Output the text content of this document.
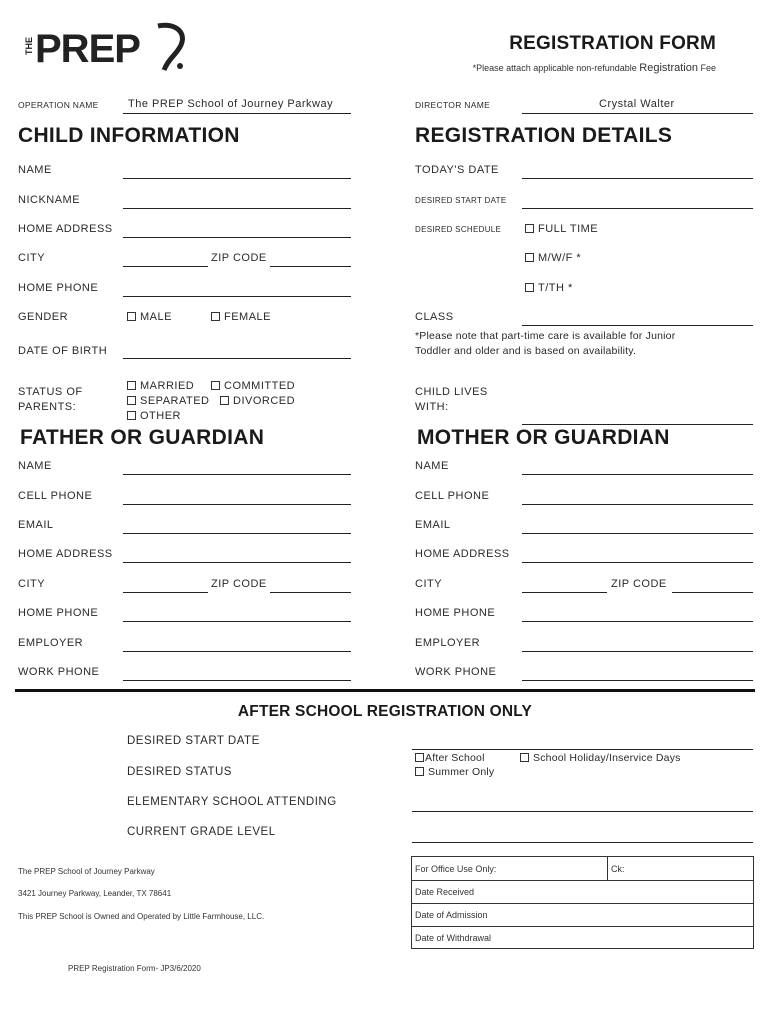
THE PREP	REGISTRATION FORM
*Please attach applicable non-refundable Registration Fee
OPERATION NAME	The PREP School of Journey Parkway	DIRECTOR NAME	Crystal Walter
CHILD INFORMATION	REGISTRATION DETAILS
NAME
NICKNAME
HOME ADDRESS
CITY	ZIP CODE
HOME PHONE
GENDER	MALE	FEMALE
DATE OF BIRTH
STATUS OF
PARENTS:
MARRIED	COMMITTED
SEPARATED	DIVORCED
OTHER
TODAY'S DATE
DESIRED START DATE
DESIRED SCHEDULE	FULL TIME
M/W/F *
T/TH *
CLASS
*Please note that part-time care is available for Junior
Toddler and older and is based on availability.
CHILD LIVES
WITH:
FATHER OR GUARDIAN	MOTHER OR GUARDIAN
NAME
CELL PHONE
EMAIL
HOME ADDRESS
CITY	ZIP CODE
HOME PHONE
EMPLOYER
WORK PHONE
NAME
CELL PHONE
EMAIL
HOME ADDRESS
CITY	ZIP CODE
HOME PHONE
EMPLOYER
WORK PHONE
AFTER SCHOOL REGISTRATION ONLY
DESIRED START DATE
DESIRED STATUS
After School	School Holiday/Inservice Days
Summer Only
ELEMENTARY SCHOOL ATTENDING
CURRENT GRADE LEVEL
The PREP School of Journey Parkway
3421 Journey Parkway, Leander, TX 78641
This PREP School is Owned and Operated by Little Farmhouse, LLC.
For Office Use Only:	Ck:
Date Received
Date of Admission
Date of Withdrawal
PREP Registration Form- JP3/6/2020
